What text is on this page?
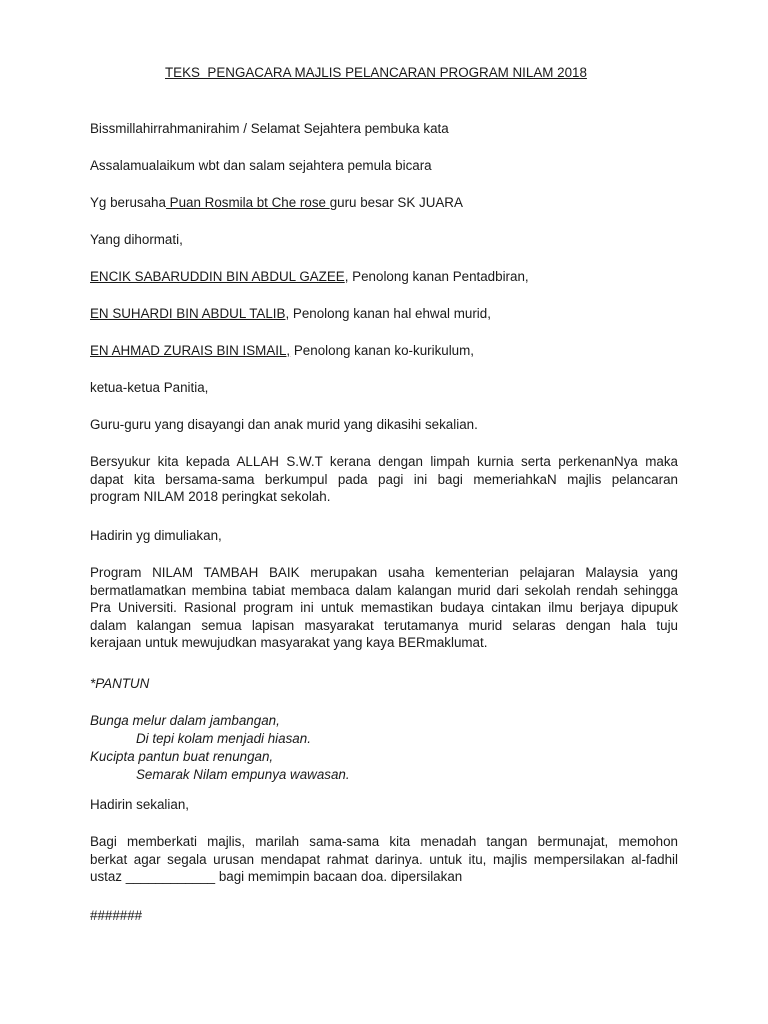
TEKS  PENGACARA MAJLIS PELANCARAN PROGRAM NILAM 2018
Bissmillahirrahmanirahim / Selamat Sejahtera pembuka kata
Assalamualaikum wbt dan salam sejahtera pemula bicara
Yg berusaha Puan Rosmila bt Che rose guru besar SK JUARA
Yang dihormati,
ENCIK SABARUDDIN BIN ABDUL GAZEE, Penolong kanan Pentadbiran,
EN SUHARDI BIN ABDUL TALIB, Penolong kanan hal ehwal murid,
EN AHMAD ZURAIS BIN ISMAIL, Penolong kanan ko-kurikulum,
ketua-ketua Panitia,
Guru-guru yang disayangi dan anak murid yang dikasihi sekalian.
Bersyukur kita kepada ALLAH S.W.T kerana dengan limpah kurnia serta perkenanNya maka
dapat kita bersama-sama berkumpul pada pagi ini bagi memeriahkaN majlis pelancaran
program NILAM 2018 peringkat sekolah.
Hadirin yg dimuliakan,
Program NILAM TAMBAH BAIK merupakan usaha kementerian pelajaran Malaysia yang
bermatlamatkan membina tabiat membaca dalam kalangan murid dari sekolah rendah sehingga
Pra Universiti. Rasional program ini untuk memastikan budaya cintakan ilmu berjaya dipupuk
dalam kalangan semua lapisan masyarakat terutamanya murid selaras dengan hala tuju
kerajaan untuk mewujudkan masyarakat yang kaya BERmaklumat.
*PANTUN
Bunga melur dalam jambangan,
Di tepi kolam menjadi hiasan.
Kucipta pantun buat renungan,
Semarak Nilam empunya wawasan.
Hadirin sekalian,
Bagi memberkati majlis, marilah sama-sama kita menadah tangan bermunajat, memohon
berkat agar segala urusan mendapat rahmat darinya. untuk itu, majlis mempersilakan al-fadhil
ustaz ____________ bagi memimpin bacaan doa. dipersilakan
#######
